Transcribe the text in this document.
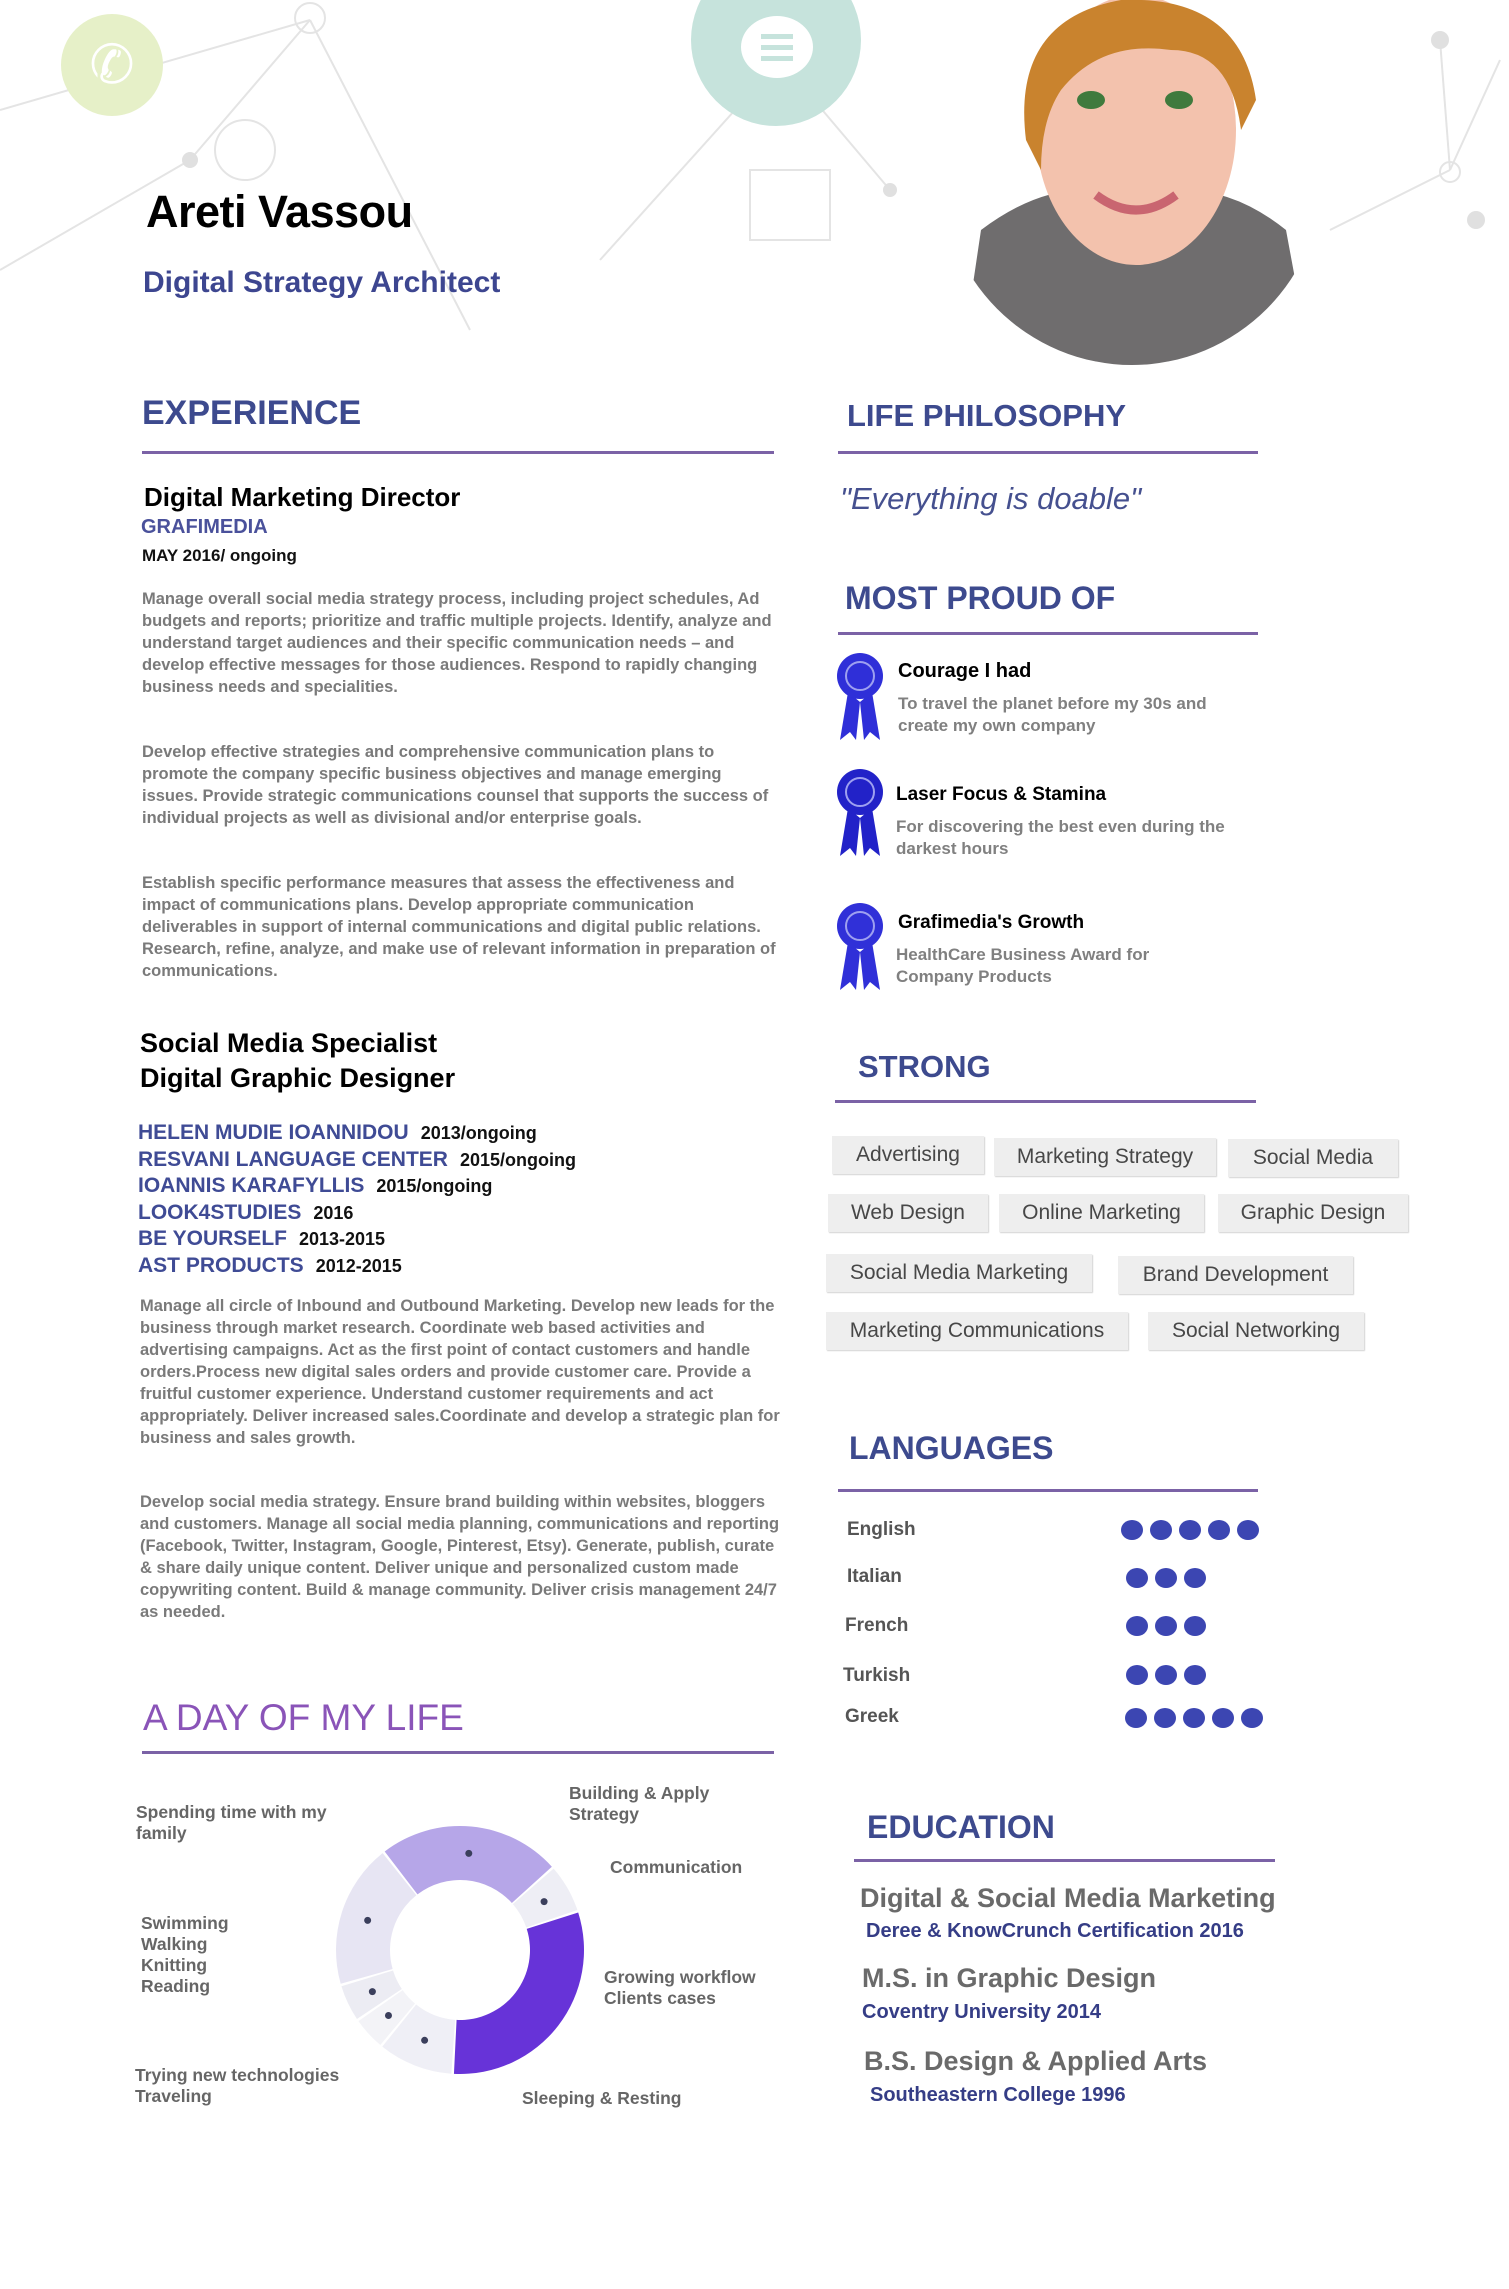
✆
Areti Vassou
Digital Strategy Architect
EXPERIENCE
Digital Marketing Director
GRAFIMEDIA
MAY 2016/ ongoing
Manage overall social media strategy process, including project schedules, Ad budgets and reports; prioritize and traffic multiple projects. Identify, analyze and understand target audiences and their specific communication needs – and develop effective messages for those audiences. Respond to rapidly changing business needs and specialities.
Develop effective strategies and comprehensive communication plans to promote the company specific business objectives and manage emerging issues. Provide strategic communications counsel that supports the success of individual projects as well as divisional and/or enterprise goals.
Establish specific performance measures that assess the effectiveness and impact of communications plans. Develop appropriate communication deliverables in support of internal communications and digital public relations. Research, refine, analyze, and make use of relevant information in preparation of communications.
Social Media Specialist
Digital Graphic Designer
HELEN MUDIE IOANNIDOU 2013/ongoing
RESVANI LANGUAGE CENTER 2015/ongoing
IOANNIS KARAFYLLIS 2015/ongoing
LOOK4STUDIES 2016
BE YOURSELF 2013-2015
AST PRODUCTS 2012-2015
Manage all circle of Inbound and Outbound Marketing. Develop new leads for the business through market research. Coordinate web based activities and advertising campaigns. Act as the first point of contact customers and handle orders.Process new digital sales orders and provide customer care. Provide a fruitful customer experience. Understand customer requirements and act appropriately. Deliver increased sales.Coordinate and develop a strategic plan for business and sales growth.
Develop social media strategy. Ensure brand building within websites, bloggers and customers. Manage all social media planning, communications and reporting (Facebook, Twitter, Instagram, Google, Pinterest, Etsy). Generate, publish, curate & share daily unique content. Deliver unique and personalized custom made copywriting content. Build & manage community. Deliver crisis management 24/7 as needed.
A DAY OF MY LIFE
Spending time with my family
Building & Apply Strategy
Communication
Swimming
Walking
Knitting
Reading	Growing workflow
Clients cases
Trying new technologies
Traveling	Sleeping & Resting
LIFE PHILOSOPHY
"Everything is doable"
MOST PROUD OF
Courage I had
To travel the planet before my 30s and create my own company
Laser Focus & Stamina
For discovering the best even during the darkest hours
Grafimedia's Growth
HealthCare Business Award for Company Products
STRONG
Advertising	Marketing Strategy	Social Media
Web Design	Online Marketing	Graphic Design
Social Media Marketing	Brand Development
Marketing Communications	Social Networking
LANGUAGES
English
Italian
French
Turkish
Greek
EDUCATION
Digital & Social Media Marketing
Deree & KnowCrunch Certification 2016
M.S. in Graphic Design
Coventry University 2014
B.S. Design & Applied Arts
Southeastern College 1996
